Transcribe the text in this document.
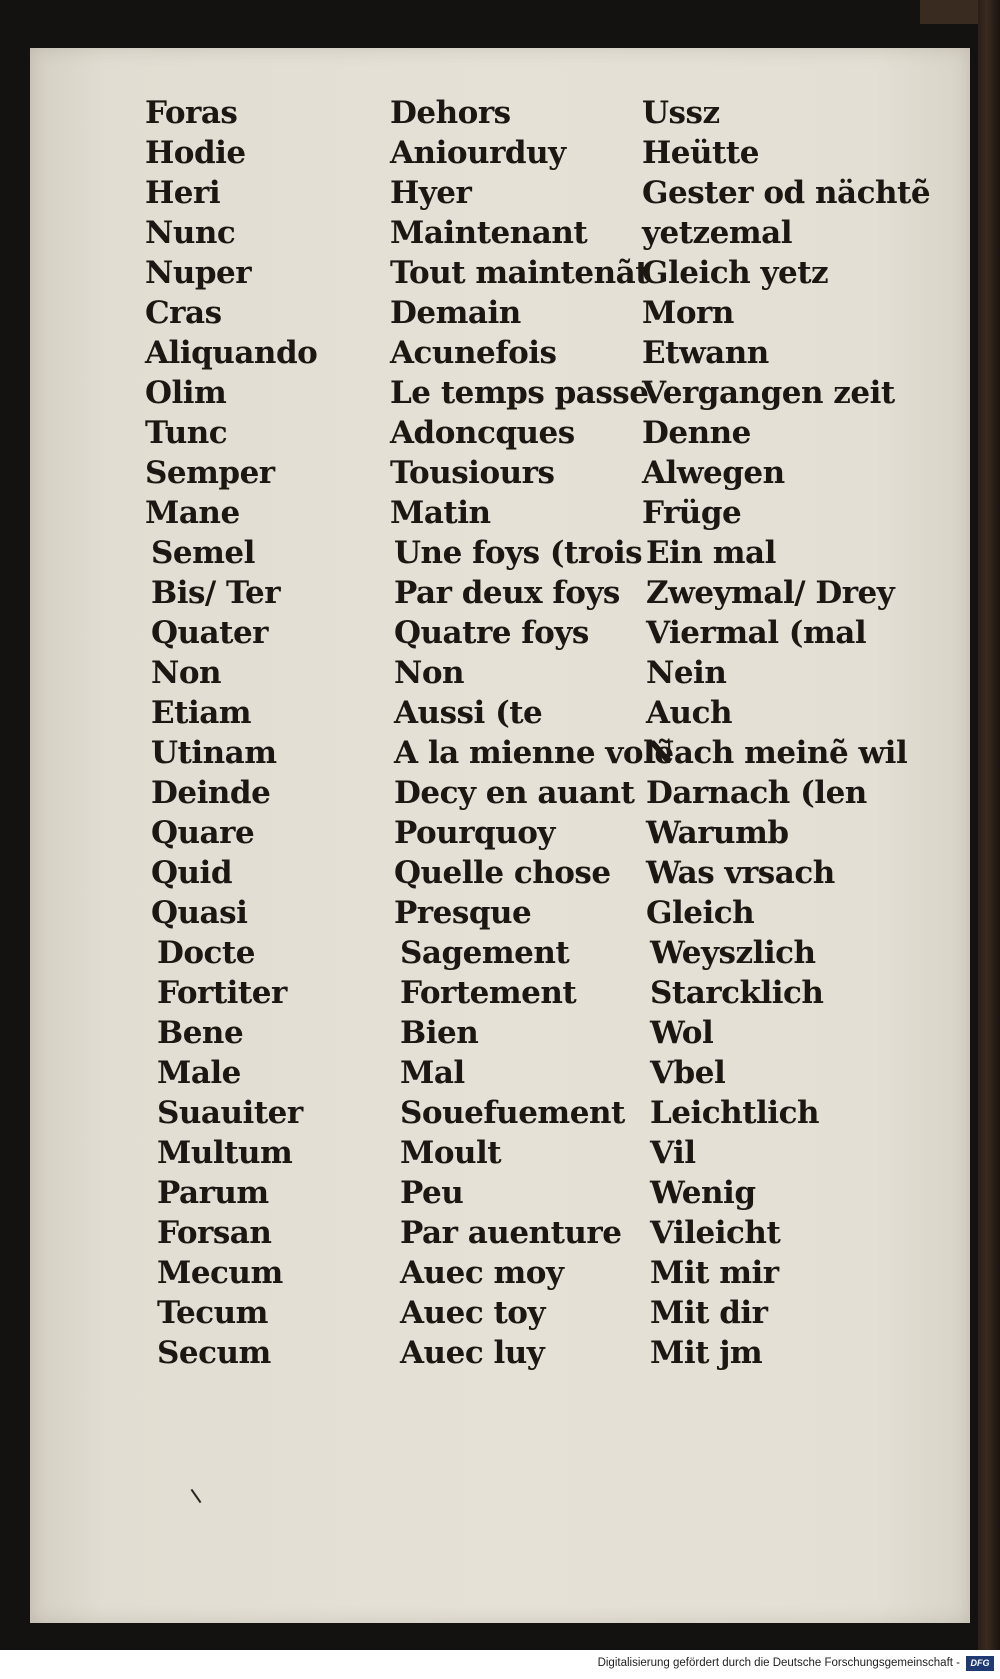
Foras
Hodie
Heri
Nunc
Nuper
Cras
Aliquando
Olim
Tunc
Semper
Mane
Semel
Bis/ Ter
Quater
Non
Etiam
Utinam
Deinde
Quare
Quid
Quasi
Docte
Fortiter
Bene
Male
Suauiter
Multum
Parum
Forsan
Mecum
Tecum
Secum
Dehors
Aniourduy
Hyer
Maintenant
Tout maintenãt
Demain
Acunefois
Le temps passe
Adoncques
Tousiours
Matin
Une foys (trois
Par deux foys
Quatre foys
Non
Aussi (te
A la mienne volẽ
Decy en auant
Pourquoy
Quelle chose
Presque
Sagement
Fortement
Bien
Mal
Souefuement
Moult
Peu
Par auenture
Auec moy
Auec toy
Auec luy
Ussz
Heütte
Gester od nächtẽ
yetzemal
Gleich yetz
Morn
Etwann
Vergangen zeit
Denne
Alwegen
Früge
Ein mal
Zweymal/ Drey
Viermal (mal
Nein
Auch
Nach meinẽ wil
Darnach (len
Warumb
Was vrsach
Gleich
Weyszlich
Starcklich
Wol
Vbel
Leichtlich
Vil
Wenig
Vileicht
Mit mir
Mit dir
Mit jm
Digitalisierung gefördert durch die Deutsche Forschungsgemeinschaft -	DFG
